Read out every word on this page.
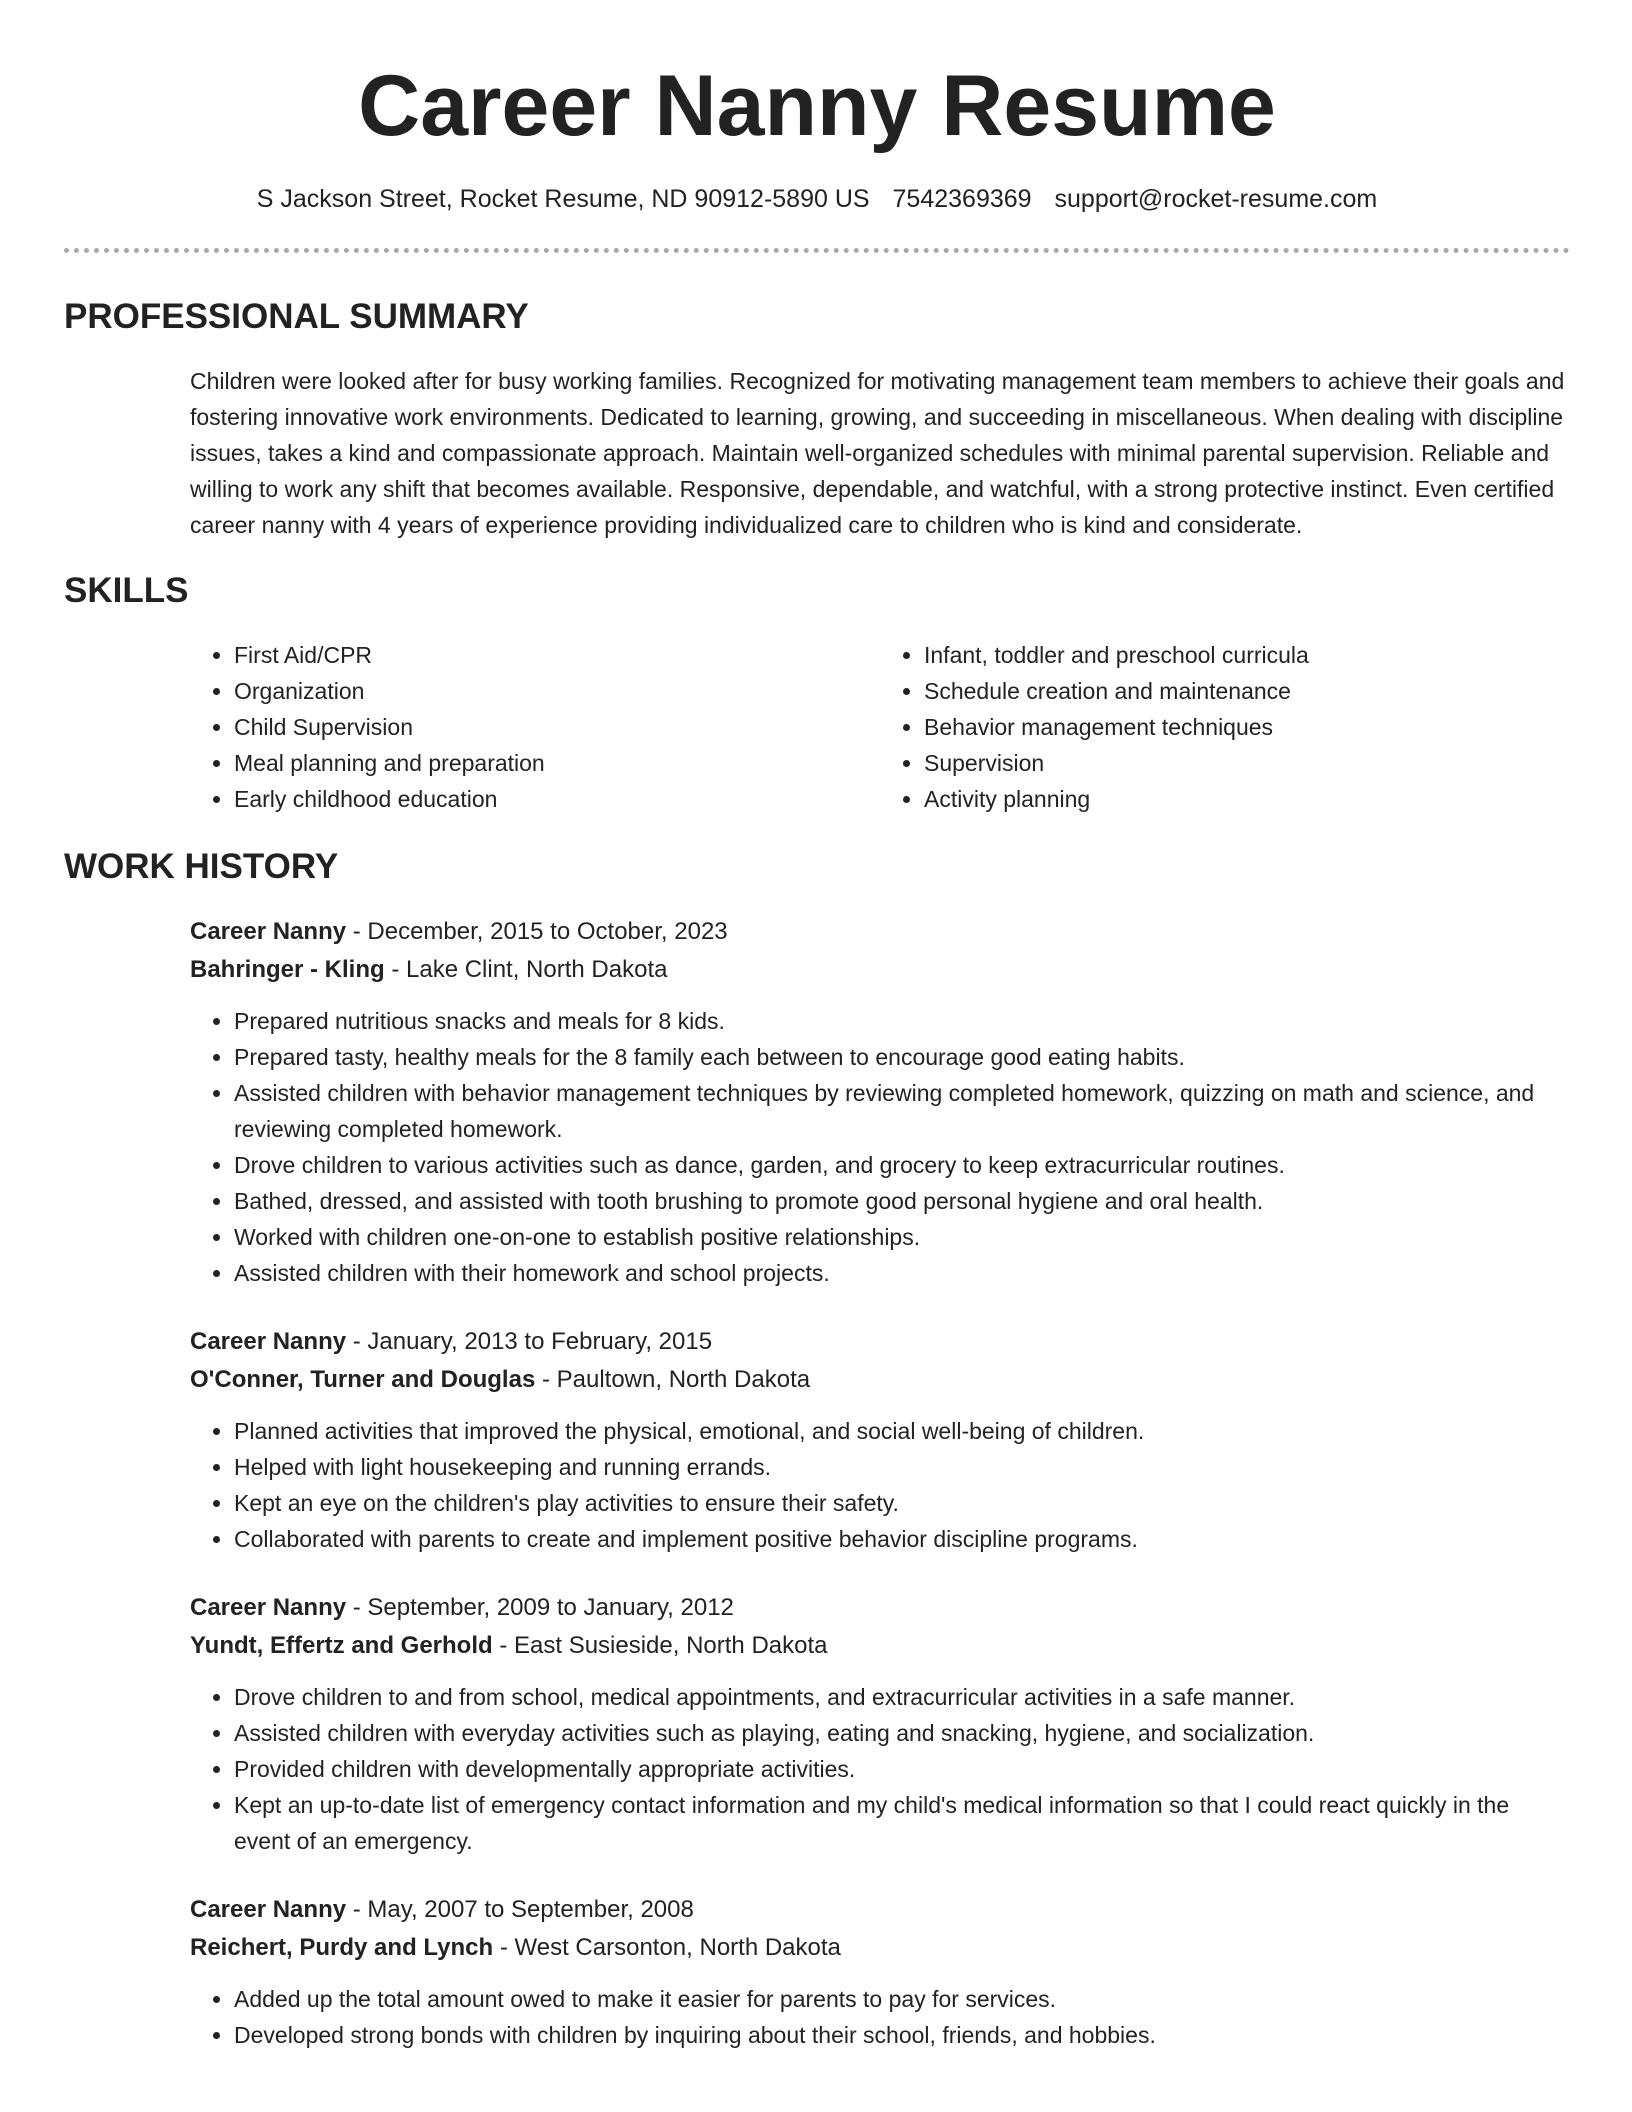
Career Nanny Resume
S Jackson Street, Rocket Resume, ND 90912-5890 US 7542369369 support@rocket-resume.com
PROFESSIONAL SUMMARY

Children were looked after for busy working families. Recognized for motivating management team members to achieve their goals and fostering innovative work environments. Dedicated to learning, growing, and succeeding in miscellaneous. When dealing with discipline issues, takes a kind and compassionate approach. Maintain well-organized schedules with minimal parental supervision. Reliable and willing to work any shift that becomes available. Responsive, dependable, and watchful, with a strong protective instinct. Even certified career nanny with 4 years of experience providing individualized care to children who is kind and considerate.

SKILLS
• First Aid/CPR
• Organization
• Child Supervision
• Meal planning and preparation
• Early childhood education
• Infant, toddler and preschool curricula
• Schedule creation and maintenance
• Behavior management techniques
• Supervision
• Activity planning
WORK HISTORY
Career Nanny - December, 2015 to October, 2023
Bahringer - Kling - Lake Clint, North Dakota
• Prepared nutritious snacks and meals for 8 kids.
• Prepared tasty, healthy meals for the 8 family each between to encourage good eating habits.
• Assisted children with behavior management techniques by reviewing completed homework, quizzing on math and science, and reviewing completed homework.
• Drove children to various activities such as dance, garden, and grocery to keep extracurricular routines.
• Bathed, dressed, and assisted with tooth brushing to promote good personal hygiene and oral health.
• Worked with children one-on-one to establish positive relationships.
• Assisted children with their homework and school projects.
Career Nanny - January, 2013 to February, 2015
O'Conner, Turner and Douglas - Paultown, North Dakota
• Planned activities that improved the physical, emotional, and social well-being of children.
• Helped with light housekeeping and running errands.
• Kept an eye on the children's play activities to ensure their safety.
• Collaborated with parents to create and implement positive behavior discipline programs.
Career Nanny - September, 2009 to January, 2012
Yundt, Effertz and Gerhold - East Susieside, North Dakota
• Drove children to and from school, medical appointments, and extracurricular activities in a safe manner.
• Assisted children with everyday activities such as playing, eating and snacking, hygiene, and socialization.
• Provided children with developmentally appropriate activities.
• Kept an up-to-date list of emergency contact information and my child's medical information so that I could react quickly in the event of an emergency.
Career Nanny - May, 2007 to September, 2008
Reichert, Purdy and Lynch - West Carsonton, North Dakota
• Added up the total amount owed to make it easier for parents to pay for services.
• Developed strong bonds with children by inquiring about their school, friends, and hobbies.
